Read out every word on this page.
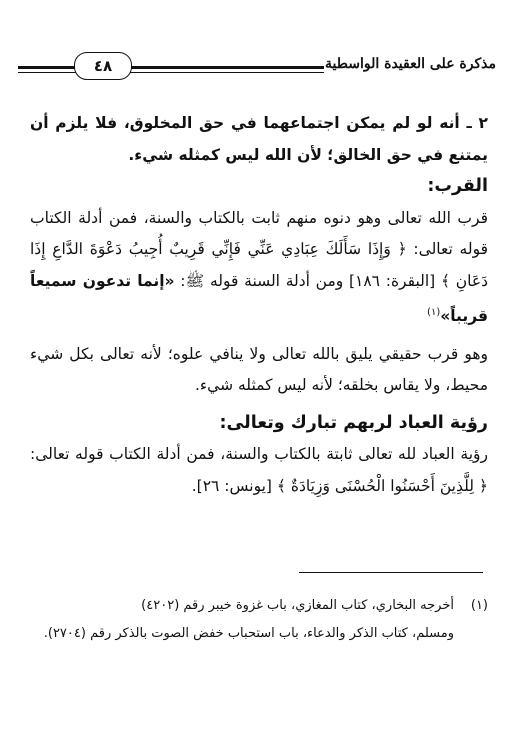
٤٨	مذكرة على العقيدة الواسطية

٢ ـ أنه لو لم يمكن اجتماعهما في حق المخلوق، فلا يلزم أن يمتنع في حق الخالق؛ لأن الله ليس كمثله شيء.

القرب:

قرب الله تعالى وهو دنوه منهم ثابت بالكتاب والسنة، فمن أدلة الكتاب قوله تعالى: ﴿ وَإِذَا سَأَلَكَ عِبَادِي عَنِّي فَإِنِّي قَرِيبٌ أُجِيبُ دَعْوَةَ الدَّاعِ إِذَا دَعَانِ ﴾ [البقرة: ١٨٦] ومن أدلة السنة قوله ﷺ: «إنما تدعون سميعاً قريباً»$^{(١)}$

وهو قرب حقيقي يليق بالله تعالى ولا ينافي علوه؛ لأنه تعالى بكل شيء محيط، ولا يقاس بخلقه؛ لأنه ليس كمثله شيء.

رؤية العباد لربهم تبارك وتعالى:

رؤية العباد لله تعالى ثابتة بالكتاب والسنة، فمن أدلة الكتاب قوله تعالى: ﴿ لِلَّذِينَ أَحْسَنُوا الْحُسْنَى وَزِيَادَةٌ ﴾ [يونس: ٢٦].

(١)أخرجه البخاري، كتاب المغازي، باب غزوة خيبر رقم (٤٢٠٢)
ومسلم، كتاب الذكر والدعاء، باب استحباب خفض الصوت بالذكر رقم (٢٧٠٤).
